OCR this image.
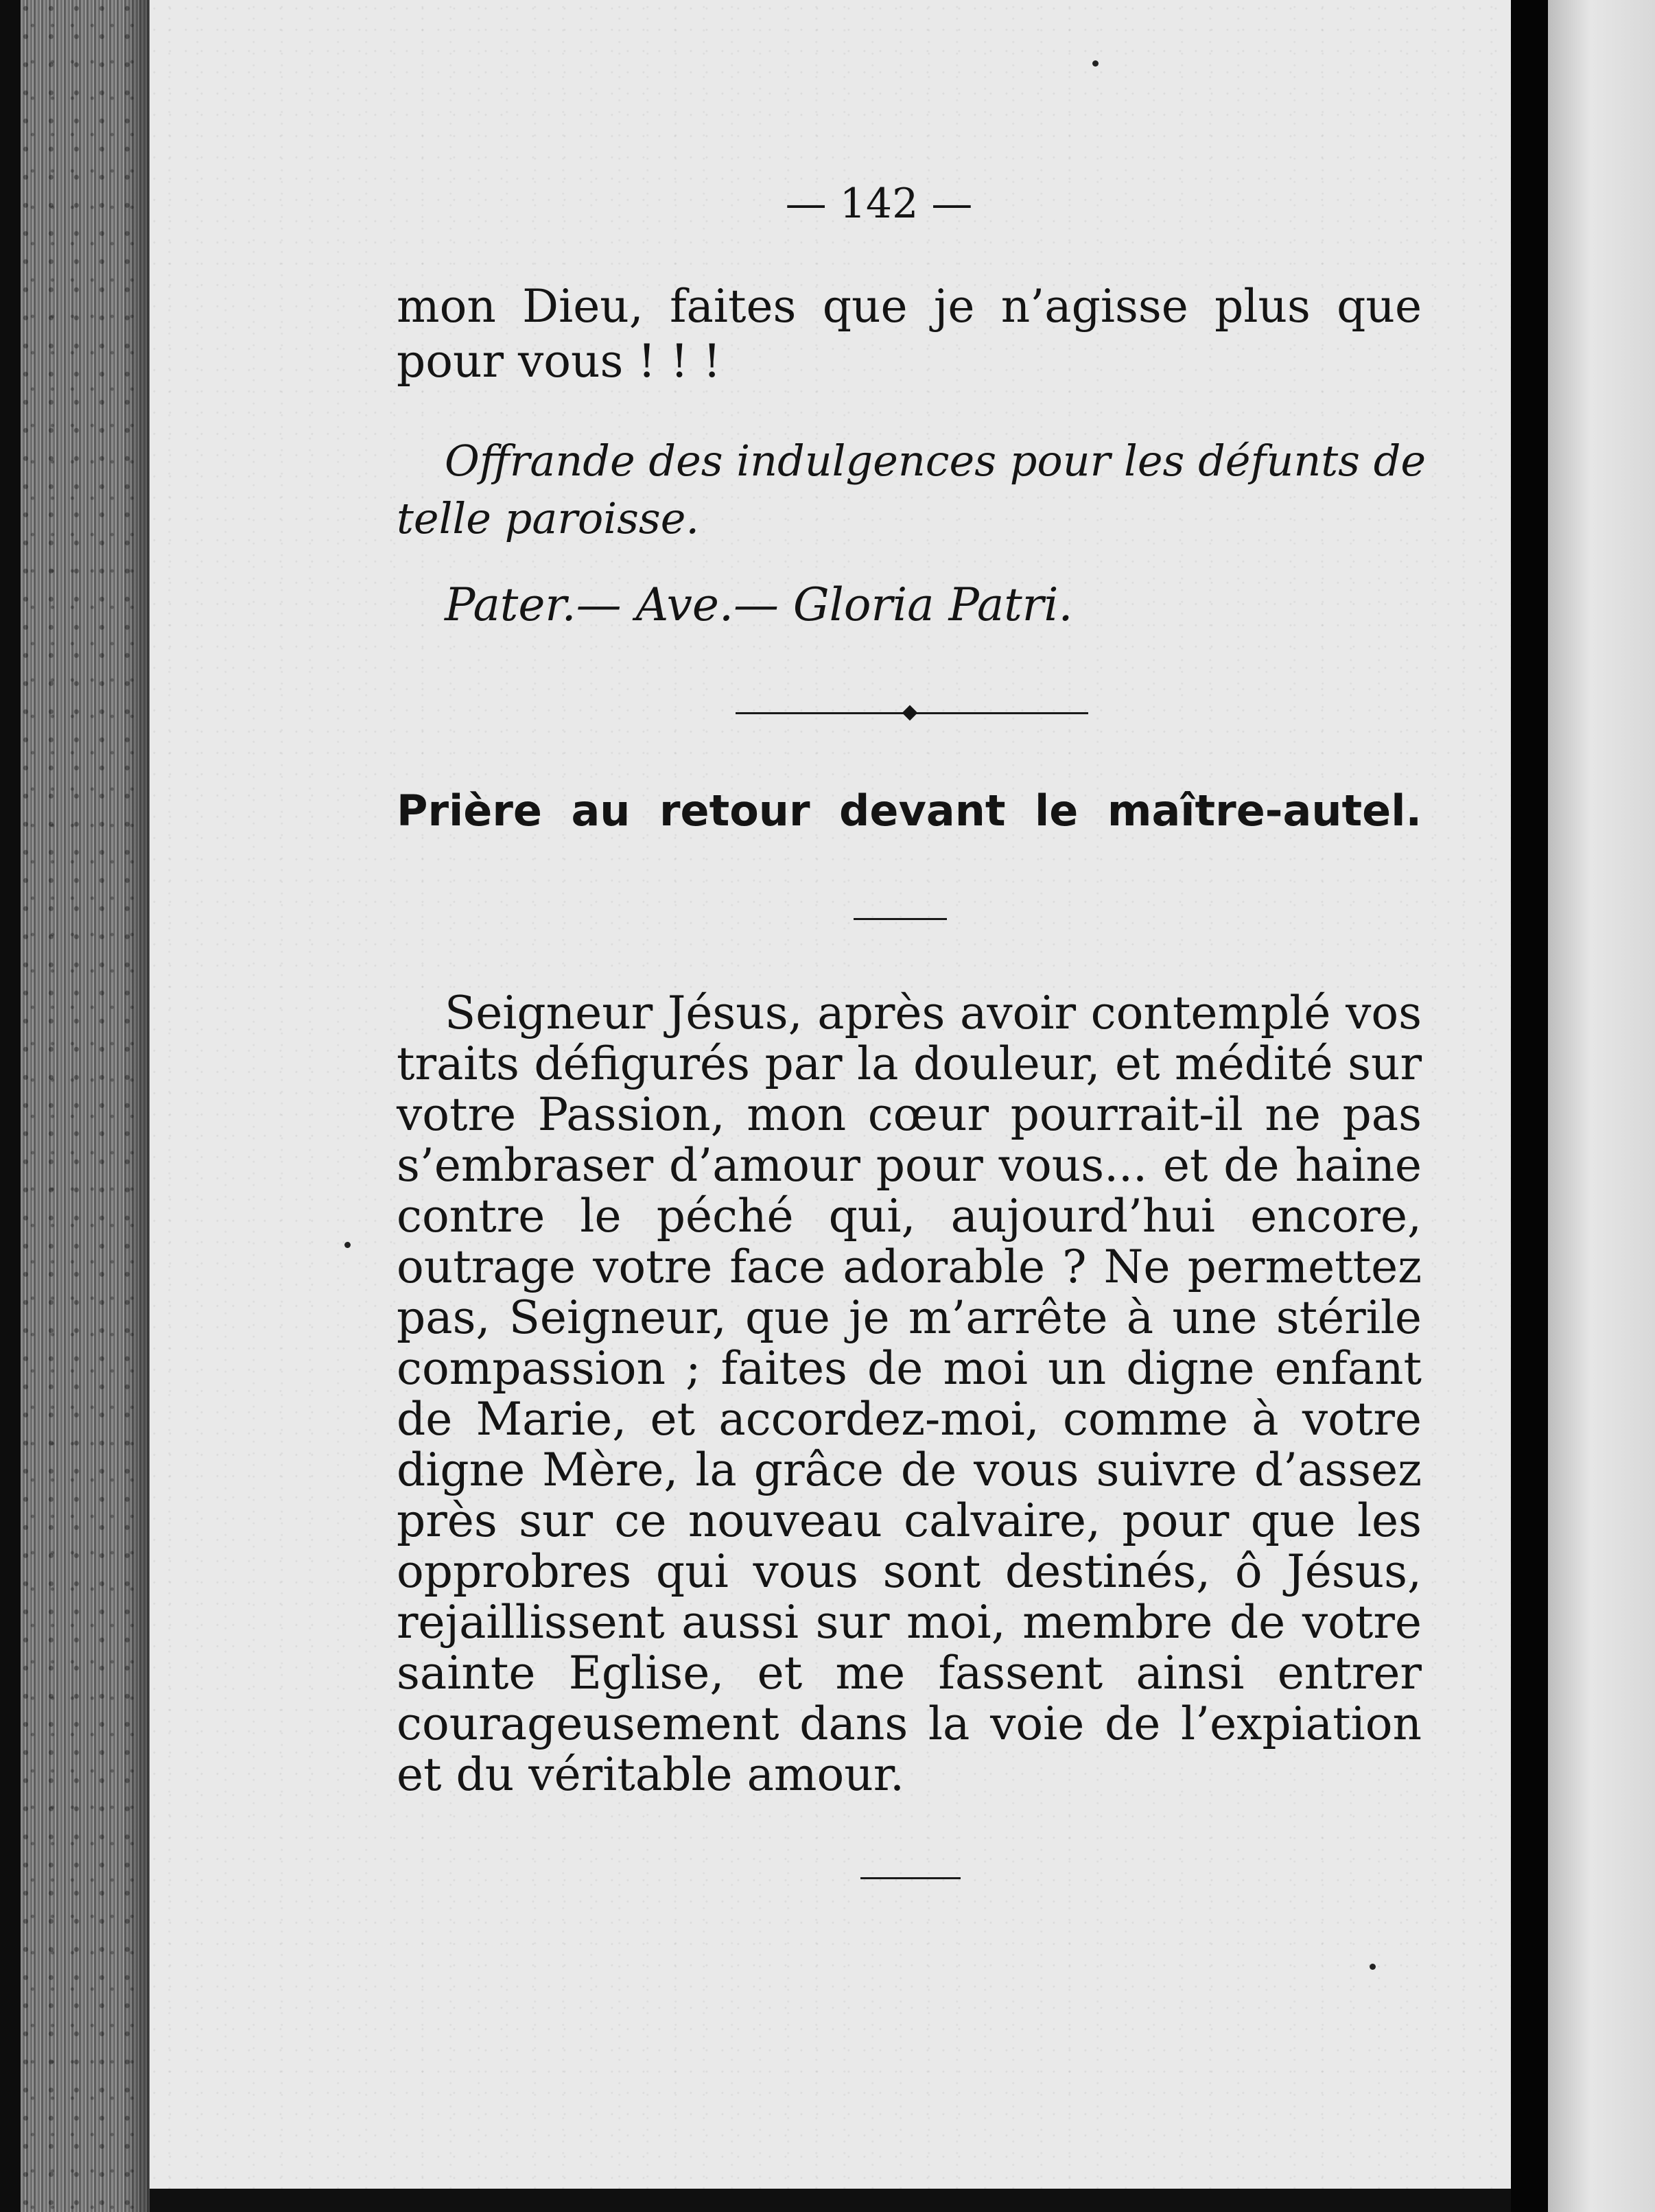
— 142 —

mon Dieu, faites que je n’agisse plus que

pour vous ! ! !

Offrande des indulgences pour les défunts de

telle paroisse.

Pater.— Ave.— Gloria Patri.

Prière au retour devant le maître-autel.

Seigneur Jésus, après avoir contemplé vos

traits défigurés par la douleur, et médité sur

votre Passion, mon cœur pourrait-il ne pas

s’embraser d’amour pour vous... et de haine

contre le péché qui, aujourd’hui encore,

outrage votre face adorable ? Ne permettez

pas, Seigneur, que je m’arrête à une stérile

compassion ; faites de moi un digne enfant

de Marie, et accordez-moi, comme à votre

digne Mère, la grâce de vous suivre d’assez

près sur ce nouveau calvaire, pour que les

opprobres qui vous sont destinés, ô Jésus,

rejaillissent aussi sur moi, membre de votre

sainte Eglise, et me fassent ainsi entrer

courageusement dans la voie de l’expiation

et du véritable amour.
